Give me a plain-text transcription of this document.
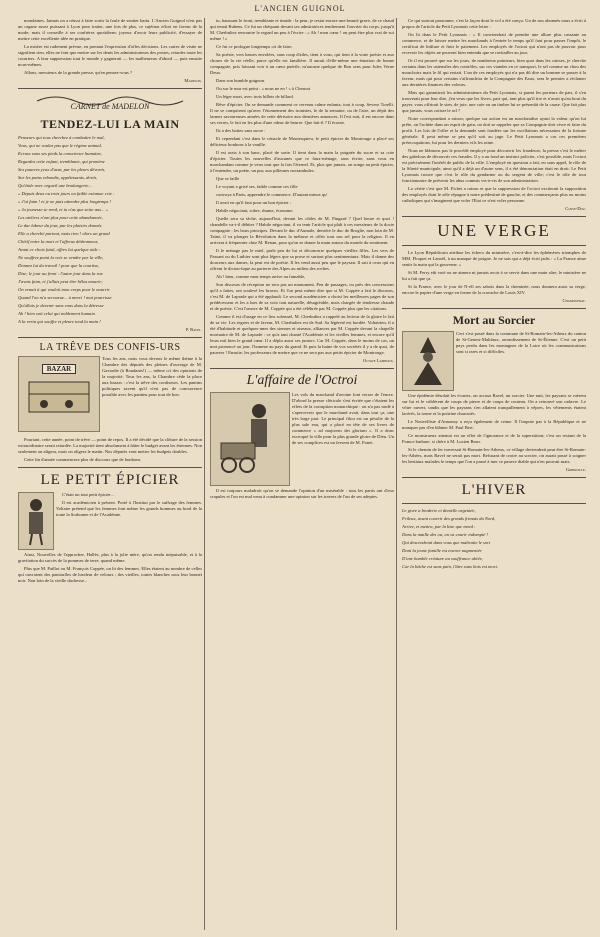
L'ANCIEN GUIGNOL

mondaines. Jamais on a réussi à faire sortir la foule de sentier battu. L'Ancien Guignol n'est pas un organe assez puissant à Lyon pour traiter, une fois de plus, ce sujétion effort en faveur de la mode; mais il conseille à ses confrères quotidiens: joyeux d'avoir leurs publicité, d'essayer de mettre cette excellente idée en pratique.

La misère est rudement prévue, en prenant l'expression d'offes décisions. Les cartes de visite ne signifient rien, elles ne font que mettre sur les dents les administrateurs des postes, retarder toute les courriers. A leur suppression tout le monde y gagnerait — les malheureux d'abord — puis ensuite nous-mêmes.

Allons, messieurs de la grande presse, qu'en pensez-vous ?

Madelon.

CARNET de MADELON
TENDEZ-LUI LA MAIN

Penseurs qui tous cherchez à combattre le mal,

Vous, qui ne voulez pas que le régime animal,

Ecrase sous ses pieds la conscience humaine,

Regardez cette enfant, tremblante, qui promène

Ses pauvres yeux d'azur, par les pleurs dévorés,

Sur les pains rebondis, appétissants, dorés,

Qu'étale avec orgueil une boulangerie...

« Depuis deux ou trois jours ou faible estomac crie :

« J'ai faim ! et je ne puis attendre plus longtemps !

« Ja jeunesse se rend, et tu n'as que seize ans... »

Les ateliers n'ont plus pour cette abandonnée,

Le dur labeur du jour, par les plaisirs donnés.

Elle a cherché partout, mais rien ! alors un grand

Chétif entre la mort et l'affreux déshonneur,

Avant ce choix fatal, offres lui quelque aide :

Ne souffrez point la voir se vendre par la ville,

Donnez lui du travail ! pour que la courtise,

Dise, le jour au front : l'autre jour dans la rue

J'avais faim, et j'allais peut être hélas mourir;

On venait à qui vouloit mon corps pour le nourrir

Quand l'on m'a secourue... à merci ! mai pourrisse

Qu'allais je devenir sans vous dans la détresse

Ah ! bien soit celui qui noblement humain

A la vertu qui souffre et pleure tend la main !

P. Ravel.

LA TRÊVE DES CONFIS-URS
BAZAR

Tous les ans, nous vous devons le même thème à la Chambre des députés des pleines d'ouvrage de M. Gavardie (à Roudanis!) — même cri des opinions de la majorité. Tous les ans, la Chambre cède la place aux bazars : c'est la trêve des confiseurs. Les pantins politiques savent qu'il n'est pas de concurrence possible avec les pantins pour tout de bon.

Pourtant, cette année, point de trêve — point de repos. Il a été décidé que la clôture de la session extraordinaire serait retardée. La majorité tient absolument à hâter le budget avant les étrennes. Non seulement on aligera, mais on aligera le matin. Nos députés vont mettre les budgets doubles.

Cette fin d'année commencera plus de discours que de bonbons.

LE PETIT ÉPICIER

C'était un tout petit épicier...

Il est académicien à présent. Porté à l'Institut par le suffrage des femmes. Voltaire prétend que les femmes font même les grands hommes au bord de la toute la Sorbonne et de l'Académie.

Ainsi, Nouvelles de l'approcher, Hallès, plus à la jolie mère, qu'on rendu inépuisable, et à la gravitation du succès de la pommes de terre, quand même.

Plus que M. Paillot ou M. François Coppée, on lit des femmes. Elles étaient au nombre de celles qui ouvraient des pantoufles de brodeur de velours ; des vieilles, toutes blanches sous leur bonnet noir. Non loin de la vieille duchesse...

tu, haussant le front, tremblante et timide : la peur, je restai encore une beauté grave, de ce chaud qui tenait Rubens. Ce fut un chéquant devant ses admiratrices tendrement l'ouvrier du corps, jusqu'à M. Cherbuliez rencontre le regard un peu à l'écrire : « Ah ! mon cœur ! on peut être plus vrai de soi même ! »

Ce fut ce prologue longtemps cri de faire,

Sa poésie, vers basses envolées, sans coup d'ailes, tient à vous, qui tient à la vraie poésie et aux choses de la vie réelle, parce qu'elle est familière. Il aurait d'elle-même une émotion de bonne compagnie, pris laissant voir à un cœur puérile, m'aucune quelque de Bon sens pour Jules Verne Deux.

Dans son humble guignon.

Ou sur le mur est peint : « nous ne en ! » à Chesnot

Un léger mort, avec trois billets de billard.

Rêve d'épicier. On se demande comment ce cerveau calme enfanta, tout à coup, Severo Torelli. Il ne se comprirent qu'avec l'étonnement des ironistes, le de la semaine, ou de l'aire, un dépit des larmes savoureuses aimées de cette dérisoire aux dernières annonces. Il l'est suit, il est encore dans ses verres, le fait en les plus d'une odeur de beurre. Que fait-il ? Il écoute.

Ils a des bottes sans sucre :

Et cependant c'est dans le cénacle de Montesquieu, le petit épicier de Montrouge a placé ses délicieux bonbons à la vanille.

Il est assis à son banc, placé de sorte. Il tient dans la main la poignée du sucre et sa cote d'épicier. Toutes les nouvelles d'aucunes que ce faux-ménage, sans écrire, sans vous en marchandant comme je veux tout que la fois l'éternel. Et, plus que jamais, on songe au petit épicier, à l'entendre, un poète, un pur, aux pilleuses noctambules.

Que se faille

Le voyant a grisé ses, faible comme ces fille

convoya à Paris, apprendre le commerce. D'autant mieux qu'

Il avait en qu'il faut pour un bon épicier :

Habile négociant, sobre, rhume, économe.

Quelle sera sa tâche, aujourd'hui, devant les cibles de M. Pingard ? Quel heure et quoi ! chandelle va-t-il débiter ? Habile négociant, il va tenir l'article qui plaît à ces messieurs de la docte compagnie : les bons principes. Devant le duc d'Aumale, derrière le duc de Broglie, non loin de M. Taine, il va plonger la Révolution dans la mélasse et offrir tout son sel pour la religion. Il en arrivera à fréquenter chez M. Renan, pour qu'on se donne la main autour du monde du sentiment.

Il le ménage pas le miel, parle peu de lui et déconcerte quelques vieilles filles. Les vers de Passant ou du Luthier sont plus légers que sa prose et surtout plus sentimentaux. Mais il donne des douceurs aux dames, la peur est de poésie. Il les vend aussi peu que le paysan. Il sait à ceux qui en offrent le dicton-tique au parterre des Alpes au milieu des roches.

Ah ! bien, comme mon temps arrive au fumable,

Son discours de réception ne sera pas un monument. Peu de passages, ou près des concessions qu'il a faites, ont soulevé les bravos. Et l'on peut même dire que si M. Coppée a fait le discours, c'est M. de Laprade qui a été applaudi. Le second académicien a choisi les meilleures pages de son prédécesseur et les a lues de sa voix tout naturelle, désagréable, mais chargée de tendresse chaude et de poésie. C'est l'œuvre de M. Coppée qui a été célébrée par M. Coppée plus que les citations.

Comme il est d'usage en ce lieu solennel, M. Cherbuliez a rappelé au lecteur de la gloire le fait de sa vie. Les regrets et de faveur, M. Cherbuliez est de Sud. Sa légèreté est bordée. Voltairien, il a été d'habitude et quelques-unes des siennes et oiseaux, alliances par M. Coppée devant la chapelle mortuaire de M. de Laprade : ce qu'a tant chanté l'Académie et les vieilles femmes, et encore qu'il leurs mit bien le grand cœur. Il a déplu aussi ses juniors. Car M. Coppée, dans le moins de cas, un mot prononcé au jour, l'homme au pays du grand. Et puis la haine de vos sociétés il y a de quoi, de pauvres ! Ensuite, les professeurs de mettre que ce ne sera pas aux petits épicier de Montrouge.

Octave Lamboux.

L'affaire de l'Octroi

Les vols du marchand d'avoine font verser de l'encre. D'abord la presse cléricale s'est écriée que c'étaient les effets de la corruption monarchique : on n'a pas tardé à s'apercevoir que le marchand avait, dans tout ça, une très large part. Le principal filou est un pèsolie de la plus sale eau, qui a placé en tête de ses livres de commerce « ad majorem dei gloriam ». Il a donc escroqué la ville pour la plus grande gloire de Dieu. Un de ses complices est un fervent de M. Ponet.

Il est toujours maladroit qu'on se demande l'opinion d'un misérable : tous les partis ont d'eux crapules et l'on est mal venu à condamner une opinion sur les travers de l'un de ses adeptes.

Ce qui surtout passionne, c'est la façon dont le vol a été conçu. Un de nos abonnés nous a écrit à propos de l'article du Petit Lyonnais cette lettre :

On lit dans le Petit Lyonnais : « Il conviendrait de prendre une allure plus cassante au commerce, et de laisser mettre les marchands à l'entrée le temps qu'il faut pour passer l'impôt, le certificat de brûlure et finir le paiement. Les employés de l'octroi qui n'ont pas de pouvoir pour recevoir les objets ne peuvent bien entendu que se ravitailler au jour.

Or il est prouvé que sur les jours, de nombreux pointeurs, bien quoi dans les caisses, je cherche certains dans les ustensiles des contrôles, sur ces viandes en ce transport, le sel comme un chou des mouchoirs mais le fil qui restait. L'un de ces employés qui n'a pas dû dire un homme se passer à la faveur, mais qui pour certains s'affranchira de la Compagnie des Eaux, sera le premier a réclamer aux dernières finances des voleurs.

Mais qui garantirait les administrateurs du Petit Lyonnais, si parmi les porteurs de part, il s'en trouverait pour leur dire, j'en veux que les livres, part qui, tant plus qu'il tire et n'avait qu'au bout du payer, vous offrirait le sien, de joie, une cote ou un timbre lui se présentât de la cause. Que fait plus que jamais, vous cotiser le sel ?

Notre correspondant a raison; quelque sur action est un marchandise ayant la valeur qu'on lui prête, on l'achète dans un esprit de gain, on doit se rappeler que sa Compagnie doit vivre et faire du profit. Les lois de l'offre et la demande sont fondées sur les oscillations nécessaires de la fortune générale. Il peut même se peu qu'il soit au juge. Le Petit Lyonnais a cru ces premières préoccupations, lui pour les derniers vils les raine.

Nous ne blâmons pas le procédé employé pour découvrir les fraudeurs; la presse c'est le métier des gabelous de découvrir ces fraudes. Il y a au fond un instinct policier, c'est possible, mais l'octroi est précisément l'intérêt de public de la ville. L'employé en question a fait, en sans appel, le rôle de la Sûreté municipale, ainsi qu'il a déjà un d'autre sens, il a été dénonciation était en droit. Le Petit Lyonnais trouve que c'est le rôle du gendarme ou du sergent de ville; c'est le rôle de tout fonctionnaire de prévenir les abus commis vis-à-vis de son administration.

La vérité c'est que M. Fichet a raison et que la suppression de l'octroi exciterait la supposition des employés dont le zèle répugne à notre prédestiné de gauche, et des commerçants plus ou moins catholiques qui s'imaginent que voler l'Etat ce n'est voler personne.

Cosse-Dou.

UNE VERGE

Le Lyon Républicain attribue les échecs du ministère, c'est-à-dire les éphémères triomphes de MM. Floquet et Lanoël, à un manque de poigne. Je ne sais qui a déjà écrit jadis : « La France aime sentir la main qui la gouverne. »

Si M. Ferry eût voté ou ne aimera ni jamais avoir à se servir dans une main sûre, le ministère ne lui a fait que ça.

Si la France, avec le jour de N-ell ses sabots dans la cheminée, nous donnera aussi sa verge, encore le papier d'une verge en forme de la cravache de Louis XIV.

Chanpaverat.

Mort au Sorcier

Ceci s'est passé dans la commune de St-Romain-les-Atheux du canton de St-Genest-Malifaux, arrondissement de St-Étienne. C'est un petit pays perdu dans les montagnes de la Loire où les communications sont si rares et si difficiles.

Une épidémie désolait les écuries, on accusa Ravel, un sorcier. Une nuit, les paysans se ruèrent sur lui et le criblèrent de coups de pierre et de coups de couteau. On a retrouvé son cadavre. Le vôtre ouvert, tandis que les paysans s'en allaient tranquillement à vêpres, les vêtements étaient lacérés, la tonne et la poitrine charcutés.

Le Nouvelliste d'Annonay a reçu également de crime. Il l'impute pas à la République et ne manquer pas d'en blâmer M. Paul Bert.

Ce monstrueux attentat est un effet de l'ignorance et de la superstition; c'est un restant de la France barbare, si chère à M. Lucien Brun.

Si le chemin de fer traversait St-Romain-les-Atheux, ce village deviendrait peut être St-Romain-les-Athées, mais Ravel ne serait pas mort. Refusant de croire au sorcier, on aurait passé à soigner les bestiaux malades le temps que l'on a passé à tuer ce pauvre diable qui n'en pouvait mais.

Gribouille.

L'HIVER

Le givre a broderie et dentelle argentée,

Frileux, avant couvrir des grands frimats du Nord,

Arrive, et mettra, par la bise que mord :

Dans la maille des ou, on va courir indompté !

Qui descendront dans vous que maltraite le sort

Dont la jeune famille est encore augmentée

D'une humble créature au souffrance alitée,

Car la bûche est sans pain, l'âtre sans bois est mort.
